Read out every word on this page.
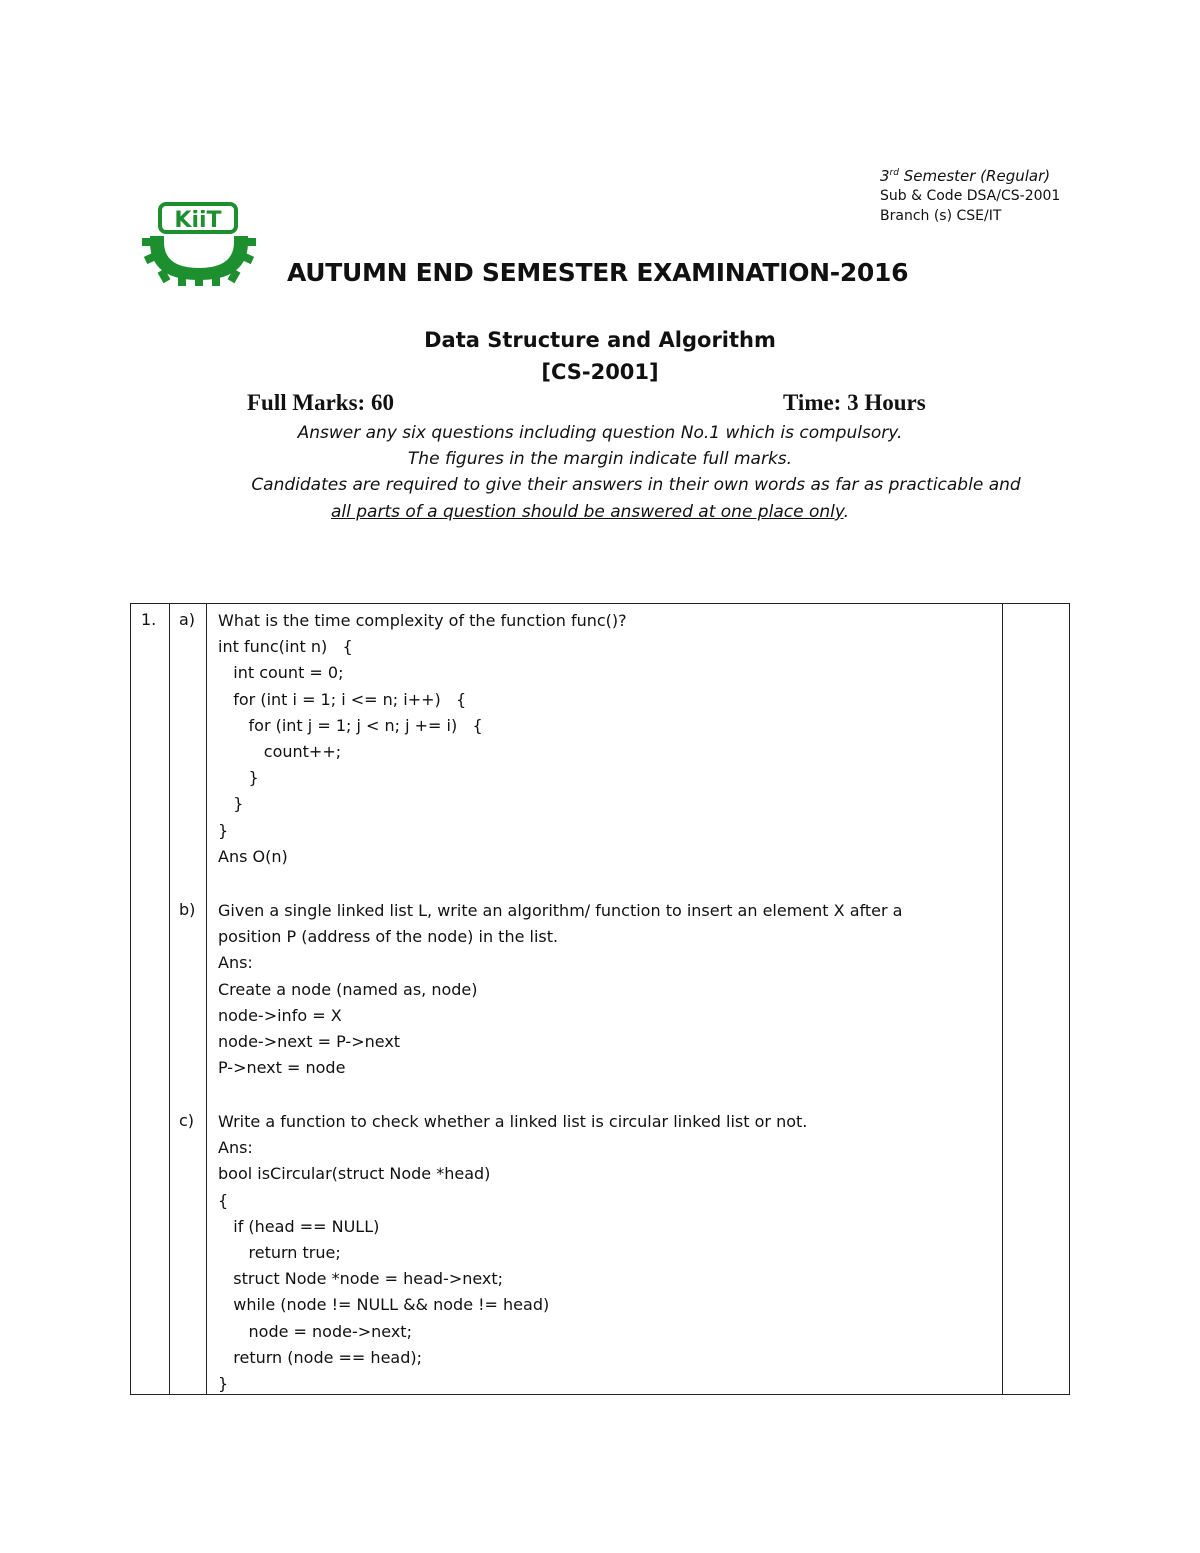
3rd Semester (Regular)
Sub & Code DSA/CS-2001
Branch (s) CSE/IT
KiiT
AUTUMN END SEMESTER EXAMINATION-2016
Data Structure and Algorithm
[CS-2001]
Full Marks: 60	Time: 3 Hours
Answer any six questions including question No.1 which is compulsory.
The figures in the margin indicate full marks.
Candidates are required to give their answers in their own words as far as practicable and
all parts of a question should be answered at one place only.
1. a) What is the time complexity of the function func()?
int func(int n)   {
int count = 0;
for (int i = 1; i <= n; i++)   {
for (int j = 1; j < n; j += i)   {
count++;
}
}
}
Ans O(n)
b) Given a single linked list L, write an algorithm/ function to insert an element X after a
position P (address of the node) in the list.
Ans:
Create a node (named as, node)
node->info = X
node->next = P->next
P->next = node
c) Write a function to check whether a linked list is circular linked list or not.
Ans:
bool isCircular(struct Node *head)
{
if (head == NULL)
return true;
struct Node *node = head->next;
while (node != NULL && node != head)
node = node->next;
return (node == head);
}
